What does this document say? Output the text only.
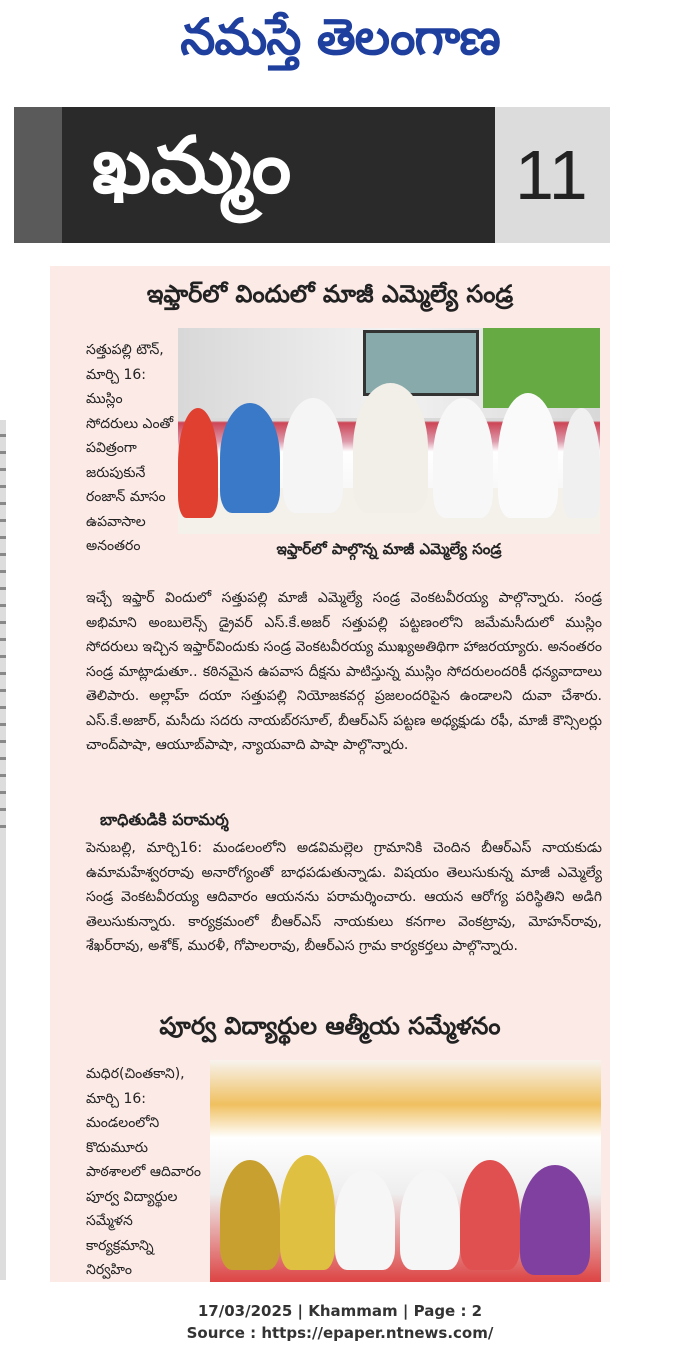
నమస్తే తెలంగాణ
ఖమ్మం	11
ఇఫ్తార్‌లో విందులో మాజీ ఎమ్మెల్యే సండ్ర
ఇఫ్తార్‌లో పాల్గొన్న మాజీ ఎమ్మెల్యే సండ్ర
సత్తుపల్లి టౌన్, మార్చి 16: ముస్లిం సోదరులు ఎంతో పవిత్రంగా జరుపుకునే రంజాన్ మాసం ఉపవాసాల అనంతరం
ఇచ్చే ఇఫ్తార్ విందులో సత్తుపల్లి మాజీ ఎమ్మెల్యే సండ్ర వెంకటవీరయ్య పాల్గొన్నారు. సండ్ర అభిమాని అంబులెన్స్ డ్రైవర్ ఎస్.కే.అజర్ సత్తుపల్లి పట్టణంలోని జమేమసీదులో ముస్లిం సోదరులు ఇచ్చిన ఇఫ్తార్‌విందుకు సండ్ర వెంకటవీరయ్య ముఖ్యఅతిథిగా హాజరయ్యారు. అనంతరం సండ్ర మాట్లాడుతూ.. కఠినమైన ఉపవాస దీక్షను పాటిస్తున్న ముస్లిం సోదరులందరికీ ధన్యవాదాలు తెలిపారు. అల్లాహ్ దయా సత్తుపల్లి నియోజకవర్గ ప్రజలందరిపైన ఉండాలని దువా చేశారు. ఎస్.కే.అజార్, మసీదు సదరు నాయబ్‌రసూల్, బీఆర్ఎస్ పట్టణ అధ్యక్షుడు రఫీ, మాజీ కౌన్సిలర్లు చాంద్‌పాషా, ఆయూబ్‌పాషా, న్యాయవాది పాషా పాల్గొన్నారు.
బాధితుడికి పరామర్శ
పెనుబల్లి, మార్చి16: మండలంలోని అడవిమల్లెల గ్రామానికి చెందిన బీఆర్ఎస్ నాయకుడు ఉమామహేశ్వరరావు అనారోగ్యంతో బాధపడుతున్నాడు. విషయం తెలుసుకున్న మాజీ ఎమ్మెల్యే సండ్ర వెంకటవీరయ్య ఆదివారం ఆయనను పరామర్శించారు. ఆయన ఆరోగ్య పరిస్థితిని అడిగి తెలుసుకున్నారు. కార్యక్రమంలో బీఆర్ఎస్ నాయకులు కనగాల వెంకట్రావు, మోహన్‌రావు, శేఖర్‌రావు, అశోక్, మురళీ, గోపాలరావు, బీఆర్ఎస గ్రామ కార్యకర్తలు పాల్గొన్నారు.
పూర్వ విద్యార్థుల ఆత్మీయ సమ్మేళనం
మధిర(చింతకాని), మార్చి 16: మండలంలోని కొదుమూరు పాఠశాలలో ఆదివారం పూర్వ విద్యార్థుల సమ్మేళన కార్యక్రమాన్ని నిర్వహిం
17/03/2025 | Khammam | Page : 2
Source : https://epaper.ntnews.com/
